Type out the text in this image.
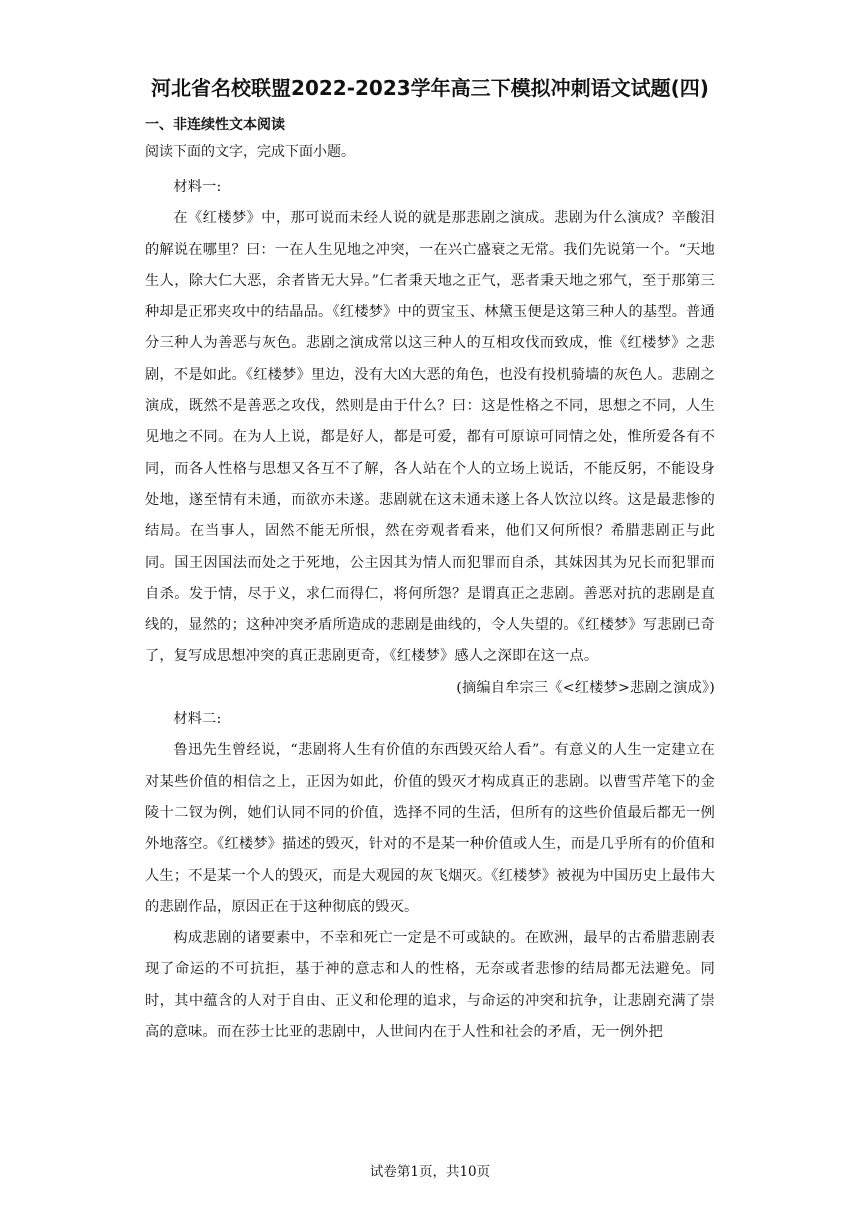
河北省名校联盟2022-2023学年高三下模拟冲刺语文试题(四)
一、非连续性文本阅读
阅读下面的文字，完成下面小题。

材料一:

在《红楼梦》中，那可说而未经人说的就是那悲剧之演成。悲剧为什么演成？辛酸泪的解说在哪里？曰：一在人生见地之冲突，一在兴亡盛衰之无常。我们先说第一个。“天地生人，除大仁大恶，余者皆无大异。”仁者秉天地之正气，恶者秉天地之邪气，至于那第三种却是正邪夹攻中的结晶品。《红楼梦》中的贾宝玉、林黛玉便是这第三种人的基型。普通分三种人为善恶与灰色。悲剧之演成常以这三种人的互相攻伐而致成，惟《红楼梦》之悲剧，不是如此。《红楼梦》里边，没有大凶大恶的角色，也没有投机骑墙的灰色人。悲剧之演成，既然不是善恶之攻伐，然则是由于什么？曰：这是性格之不同，思想之不同，人生见地之不同。在为人上说，都是好人，都是可爱，都有可原谅可同情之处，惟所爱各有不同，而各人性格与思想又各互不了解，各人站在个人的立场上说话，不能反躬，不能设身处地，遂至情有未通，而欲亦未遂。悲剧就在这未通未遂上各人饮泣以终。这是最悲惨的结局。在当事人，固然不能无所恨，然在旁观者看来，他们又何所恨？希腊悲剧正与此同。国王因国法而处之于死地，公主因其为情人而犯罪而自杀，其妹因其为兄长而犯罪而自杀。发于情，尽于义，求仁而得仁，将何所怨？是谓真正之悲剧。善恶对抗的悲剧是直线的，显然的；这种冲突矛盾所造成的悲剧是曲线的，令人失望的。《红楼梦》写悲剧已奇了，复写成思想冲突的真正悲剧更奇，《红楼梦》感人之深即在这一点。

(摘编自牟宗三《<红楼梦>悲剧之演成》)

材料二:

鲁迅先生曾经说，“悲剧将人生有价值的东西毁灭给人看”。有意义的人生一定建立在对某些价值的相信之上，正因为如此，价值的毁灭才构成真正的悲剧。以曹雪芹笔下的金陵十二钗为例，她们认同不同的价值，选择不同的生活，但所有的这些价值最后都无一例外地落空。《红楼梦》描述的毁灭，针对的不是某一种价值或人生，而是几乎所有的价值和人生；不是某一个人的毁灭，而是大观园的灰飞烟灭。《红楼梦》被视为中国历史上最伟大的悲剧作品，原因正在于这种彻底的毁灭。

构成悲剧的诸要素中，不幸和死亡一定是不可或缺的。在欧洲，最早的古希腊悲剧表现了命运的不可抗拒，基于神的意志和人的性格，无奈或者悲惨的结局都无法避免。同时，其中蕴含的人对于自由、正义和伦理的追求，与命运的冲突和抗争，让悲剧充满了崇高的意味。而在莎士比亚的悲剧中，人世间内在于人性和社会的矛盾，无一例外把

试卷第1页，共10页
